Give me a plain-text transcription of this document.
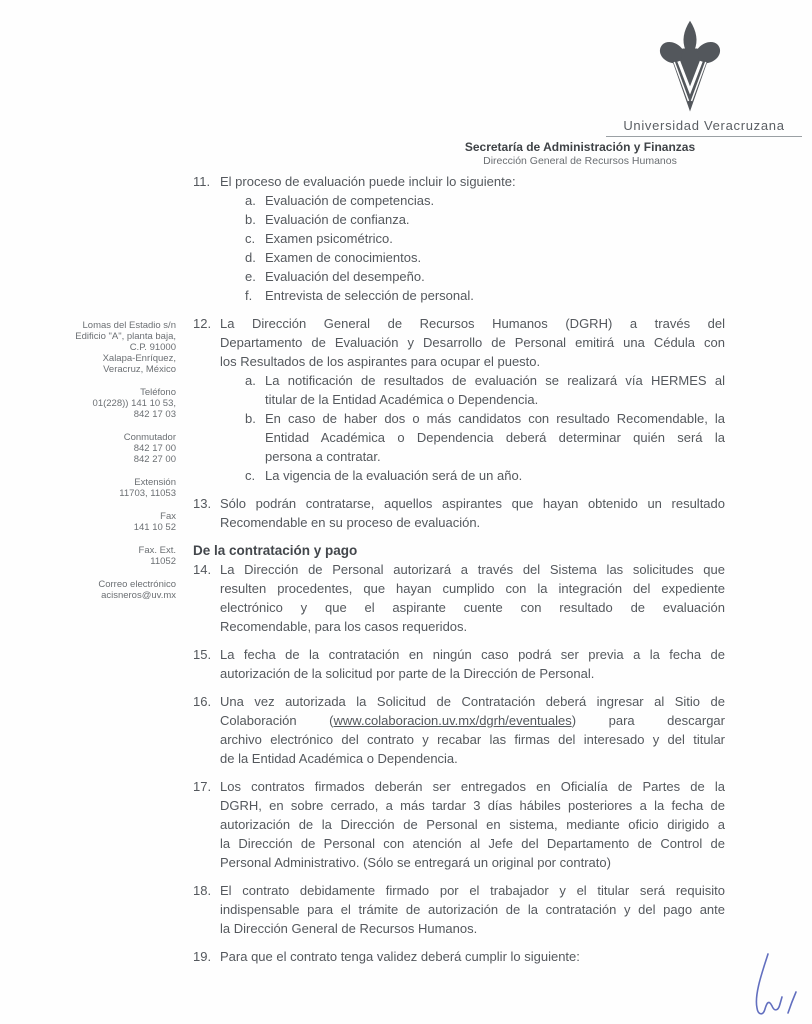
Universidad Veracruzana
Secretaría de Administración y Finanzas
Dirección General de Recursos Humanos
Lomas del Estadio s/n
Edificio "A", planta baja,
C.P. 91000
Xalapa-Enríquez,
Veracruz, México
Teléfono
01(228)) 141 10 53,
842 17 03
Conmutador
842 17 00
842 27 00
Extensión
11703, 11053
Fax
141 10 52
Fax. Ext.
11052
Correo electrónico
acisneros@uv.mx
11. El proceso de evaluación puede incluir lo siguiente:
a. Evaluación de competencias.
b. Evaluación de confianza.
c. Examen psicométrico.
d. Examen de conocimientos.
e. Evaluación del desempeño.
f. Entrevista de selección de personal.
12. La Dirección General de Recursos Humanos (DGRH) a través del
Departamento de Evaluación y Desarrollo de Personal emitirá una Cédula con
los Resultados de los aspirantes para ocupar el puesto.
a. La notificación de resultados de evaluación se realizará vía HERMES al
titular de la Entidad Académica o Dependencia.
b. En caso de haber dos o más candidatos con resultado Recomendable, la
Entidad Académica o Dependencia deberá determinar quién será la
persona a contratar.
c. La vigencia de la evaluación será de un año.
13. Sólo podrán contratarse, aquellos aspirantes que hayan obtenido un resultado
Recomendable en su proceso de evaluación.
De la contratación y pago
14. La Dirección de Personal autorizará a través del Sistema las solicitudes que
resulten procedentes, que hayan cumplido con la integración del expediente
electrónico y que el aspirante cuente con resultado de evaluación
Recomendable, para los casos requeridos.
15. La fecha de la contratación en ningún caso podrá ser previa a la fecha de
autorización de la solicitud por parte de la Dirección de Personal.
16. Una vez autorizada la Solicitud de Contratación deberá ingresar al Sitio de
Colaboración (www.colaboracion.uv.mx/dgrh/eventuales) para descargar
archivo electrónico del contrato y recabar las firmas del interesado y del titular
de la Entidad Académica o Dependencia.
17. Los contratos firmados deberán ser entregados en Oficialía de Partes de la
DGRH, en sobre cerrado, a más tardar 3 días hábiles posteriores a la fecha de
autorización de la Dirección de Personal en sistema, mediante oficio dirigido a
la Dirección de Personal con atención al Jefe del Departamento de Control de
Personal Administrativo. (Sólo se entregará un original por contrato)
18. El contrato debidamente firmado por el trabajador y el titular será requisito
indispensable para el trámite de autorización de la contratación y del pago ante
la Dirección General de Recursos Humanos.
19. Para que el contrato tenga validez deberá cumplir lo siguiente:
